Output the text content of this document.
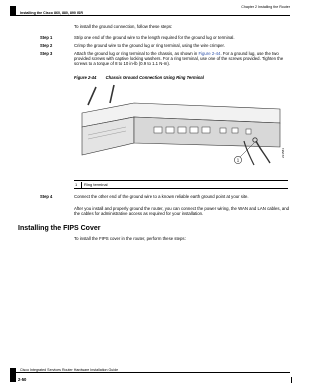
Chapter 2 Installing the Router
Installing the Cisco 860, 880, 890 ISR
To install the ground connection, follow these steps:
Step 1	Strip one end of the ground wire to the length required for the ground lug or terminal.
Step 2	Crimp the ground wire to the ground lug or ring terminal, using the wire crimper.
Step 3	Attach the ground lug or ring terminal to the chassis, as shown in Figure 2-44. For a ground lug, use the two provided screws with captive locking washers. For a ring terminal, use one of the screws provided. Tighten the screws to a torque of 8 to 10 in-lb (0.9 to 1.1 N-m).
Figure 2-44        Chassis Ground Connection Using Ring Terminal
1
231581
1 Ring terminal
Step 4	Connect the other end of the ground wire to a known reliable earth ground point at your site.
After you install and properly ground the router, you can connect the power wiring, the WAN and LAN cables, and the cables for administrative access as required for your installation.
Installing the FIPS Cover
To install the FIPS cover in the router, perform these steps:
Cisco Integrated Services Router Hardware Installation Guide
2-50
